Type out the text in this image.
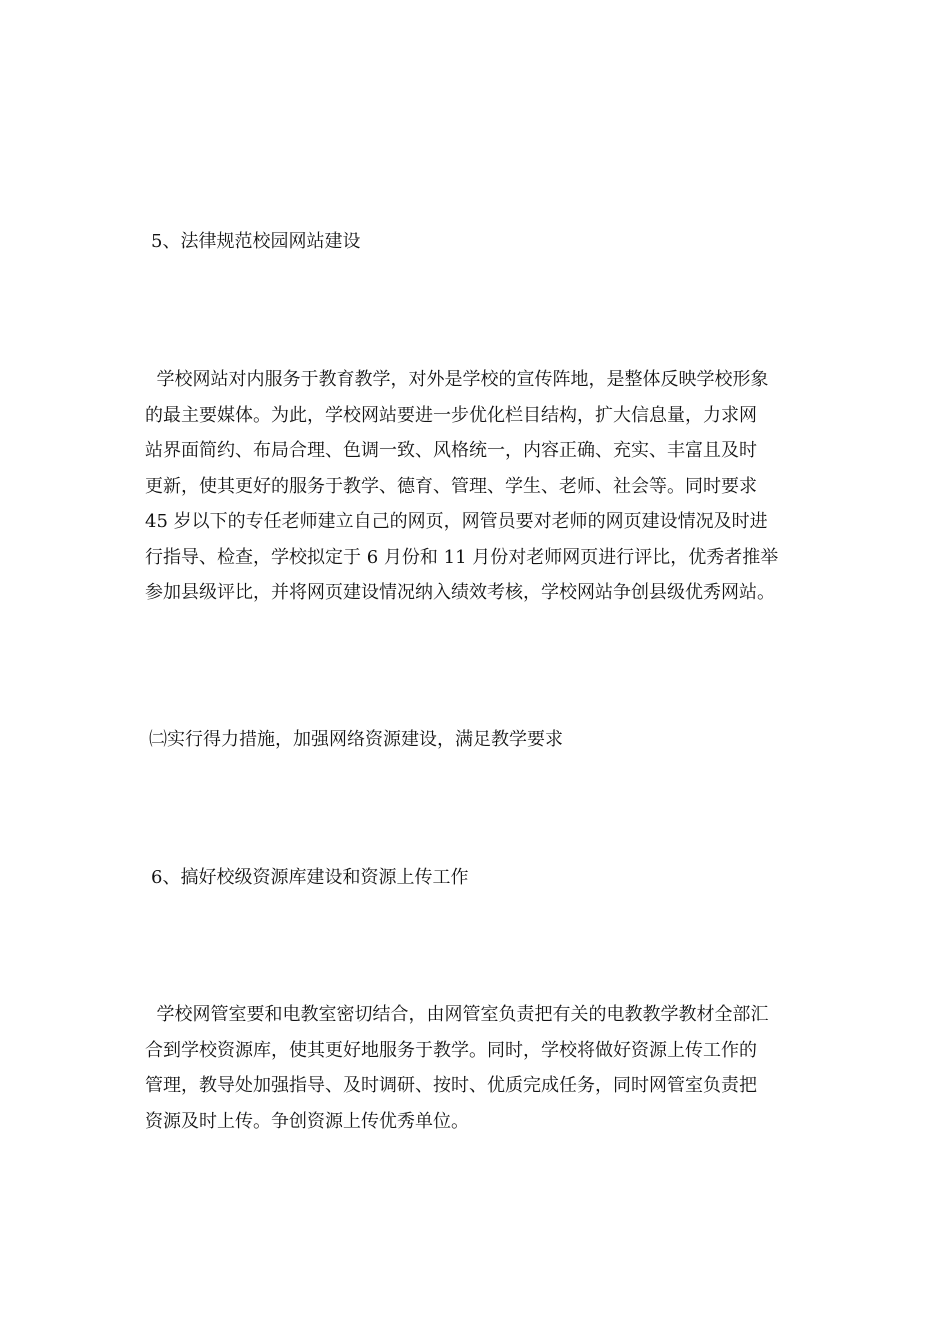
5、法律规范校园网站建设

学校网站对内服务于教育教学，对外是学校的宣传阵地，是整体反映学校形象
的最主要媒体。为此，学校网站要进一步优化栏目结构，扩大信息量，力求网
站界面简约、布局合理、色调一致、风格统一，内容正确、充实、丰富且及时
更新，使其更好的服务于教学、德育、管理、学生、老师、社会等。同时要求
45 岁以下的专任老师建立自己的网页，网管员要对老师的网页建设情况及时进
行指导、检查，学校拟定于 6 月份和 11 月份对老师网页进行评比，优秀者推举
参加县级评比，并将网页建设情况纳入绩效考核，学校网站争创县级优秀网站。

㈡实行得力措施，加强网络资源建设，满足教学要求

6、搞好校级资源库建设和资源上传工作

学校网管室要和电教室密切结合，由网管室负责把有关的电教教学教材全部汇
合到学校资源库，使其更好地服务于教学。同时，学校将做好资源上传工作的
管理，教导处加强指导、及时调研、按时、优质完成任务，同时网管室负责把
资源及时上传。争创资源上传优秀单位。
